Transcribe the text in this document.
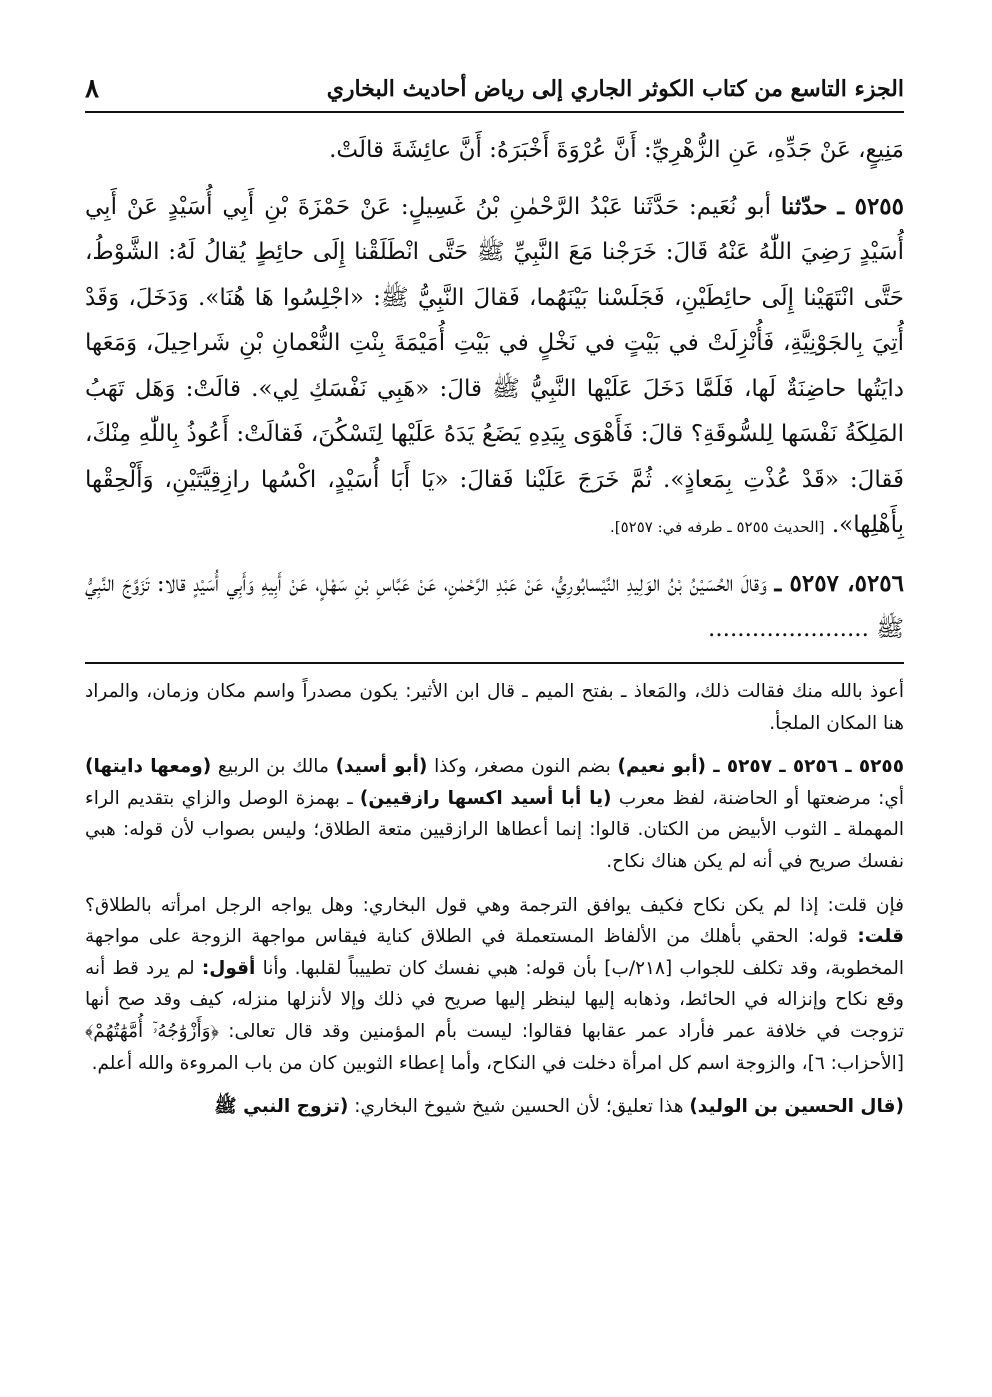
الجزء التاسع من كتاب الكوثر الجاري إلى رياض أحاديث البخاري
٨

مَنِيعٍ، عَنْ جَدِّهِ، عَنِ الزُّهْرِيِّ: أَنَّ عُرْوَةَ أَخْبَرَهُ: أَنَّ عائِشَةَ قالَتْ.

٥٢٥٥ ـ حدّثنا أبو نُعَيم: حَدَّثَنا عَبْدُ الرَّحْمٰنِ بْنُ غَسِيلٍ: عَنْ حَمْزَةَ بْنِ أَبِي أُسَيْدٍ عَنْ أَبِي أُسَيْدٍ رَضِيَ اللّٰهُ عَنْهُ قَالَ: خَرَجْنا مَعَ النَّبِيِّ ﷺ حَتَّى انْطَلَقْنا إِلَى حائِطٍ يُقالُ لَهُ: الشَّوْطُ، حَتَّى انْتَهَيْنا إِلَى حائِطَيْنِ، فَجَلَسْنا بَيْنَهُما، فَقالَ النَّبِيُّ ﷺ: «اجْلِسُوا هَا هُنَا». وَدَخَلَ، وَقَدْ أُتِيَ بِالجَوْنِيَّةِ، فَأُنْزِلَتْ في بَيْتٍ في نَخْلٍ في بَيْتِ أُمَيْمَةَ بِنْتِ النُّعْمانِ بْنِ شَراحِيلَ، وَمَعَها دايَتُها حاضِنَةٌ لَها، فَلَمَّا دَخَلَ عَلَيْها النَّبِيُّ ﷺ قالَ: «هَبِي نَفْسَكِ لِي». قالَتْ: وَهَل تَهَبُ المَلِكَةُ نَفْسَها لِلسُّوقَةِ؟ قالَ: فَأَهْوَى بِيَدِهِ يَضَعُ يَدَهُ عَلَيْها لِتَسْكُنَ، فَقالَتْ: أَعُوذُ بِاللّٰهِ مِنْكَ، فَقالَ: «قَدْ عُذْتِ بِمَعاذٍ». ثُمَّ خَرَجَ عَلَيْنا فَقالَ: «يَا أَبَا أُسَيْدٍ، اكْسُها رازِقِيَّتَيْنِ، وَأَلْحِقْها بِأَهْلِها». [الحديث ٥٢٥٥ ـ طرفه في: ٥٢٥٧].

٥٢٥٦، ٥٢٥٧ ـ وَقالَ الحُسَيْنُ بْنُ الوَلِيدِ النَّيْسابُورِيُّ، عَنْ عَبْدِ الرَّحْمٰنِ، عَنْ عَبَّاسِ بْنِ سَهْلٍ، عَنْ أَبِيهِ وَأَبِي أُسَيْدٍ قالا: تَزَوَّجَ النَّبِيُّ ﷺ ......................

أعوذ بالله منك فقالت ذلك، والمَعاذ ـ بفتح الميم ـ قال ابن الأثير: يكون مصدراً واسم مكان وزمان، والمراد هنا المكان الملجأ.

٥٢٥٥ ـ ٥٢٥٦ ـ ٥٢٥٧ ـ (أبو نعيم) بضم النون مصغر، وكذا (أبو أسيد) مالك بن الربيع (ومعها دايتها) أي: مرضعتها أو الحاضنة، لفظ معرب (يا أبا أسيد اكسها رازقيين) ـ بهمزة الوصل والزاي بتقديم الراء المهملة ـ الثوب الأبيض من الكتان. قالوا: إنما أعطاها الرازقيين متعة الطلاق؛ وليس بصواب لأن قوله: هبي نفسك صريح في أنه لم يكن هناك نكاح.

فإن قلت: إذا لم يكن نكاح فكيف يوافق الترجمة وهي قول البخاري: وهل يواجه الرجل امرأته بالطلاق؟ قلت: قوله: الحقي بأهلك من الألفاظ المستعملة في الطلاق كناية فيقاس مواجهة الزوجة على مواجهة المخطوبة، وقد تكلف للجواب [٢١٨/ب] بأن قوله: هبي نفسك كان تطييباً لقلبها. وأنا أقول: لم يرد قط أنه وقع نكاح وإنزاله في الحائط، وذهابه إليها لينظر إليها صريح في ذلك وإلا لأنزلها منزله، كيف وقد صح أنها تزوجت في خلافة عمر فأراد عمر عقابها فقالوا: ليست بأم المؤمنين وقد قال تعالى: ﴿وَأَزْوَٰجُهُۥٓ أُمَّهَٰتُهُمْ﴾ [الأحزاب: ٦]، والزوجة اسم كل امرأة دخلت في النكاح، وأما إعطاء الثوبين كان من باب المروءة والله أعلم.

(قال الحسين بن الوليد) هذا تعليق؛ لأن الحسين شيخ شيوخ البخاري: (تزوج النبي ﷺ
